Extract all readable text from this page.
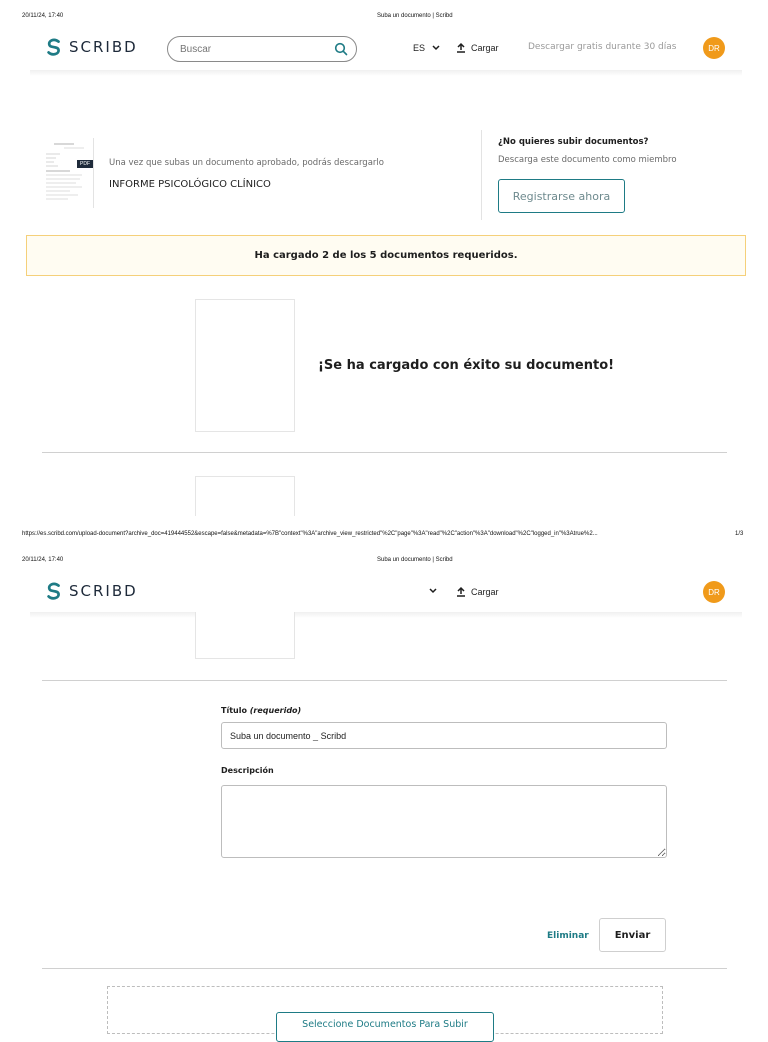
20/11/24, 17:40	Suba un documento | Scribd
SCRIBD
Buscar	ES	Cargar	Descargar gratis durante 30 días	DR
PDF	Una vez que subas un documento aprobado, podrás descargarlo
INFORME PSICOLÓGICO CLÍNICO
¿No quieres subir documentos?
Descarga este documento como miembro
Registrarse ahora
Ha cargado 2 de los 5 documentos requeridos.
¡Se ha cargado con éxito su documento!
https://es.scribd.com/upload-document?archive_doc=419444552&escape=false&metadata=%7B"context"%3A"archive_view_restricted"%2C"page"%3A"read"%2C"action"%3A"download"%2C"logged_in"%3Atrue%2...	1/3
20/11/24, 17:40	Suba un documento | Scribd
SCRIBD	Cargar	DR
Título (requerido)
Suba un documento _ Scribd
Descripción
Eliminar	Enviar
Seleccione Documentos Para Subir
